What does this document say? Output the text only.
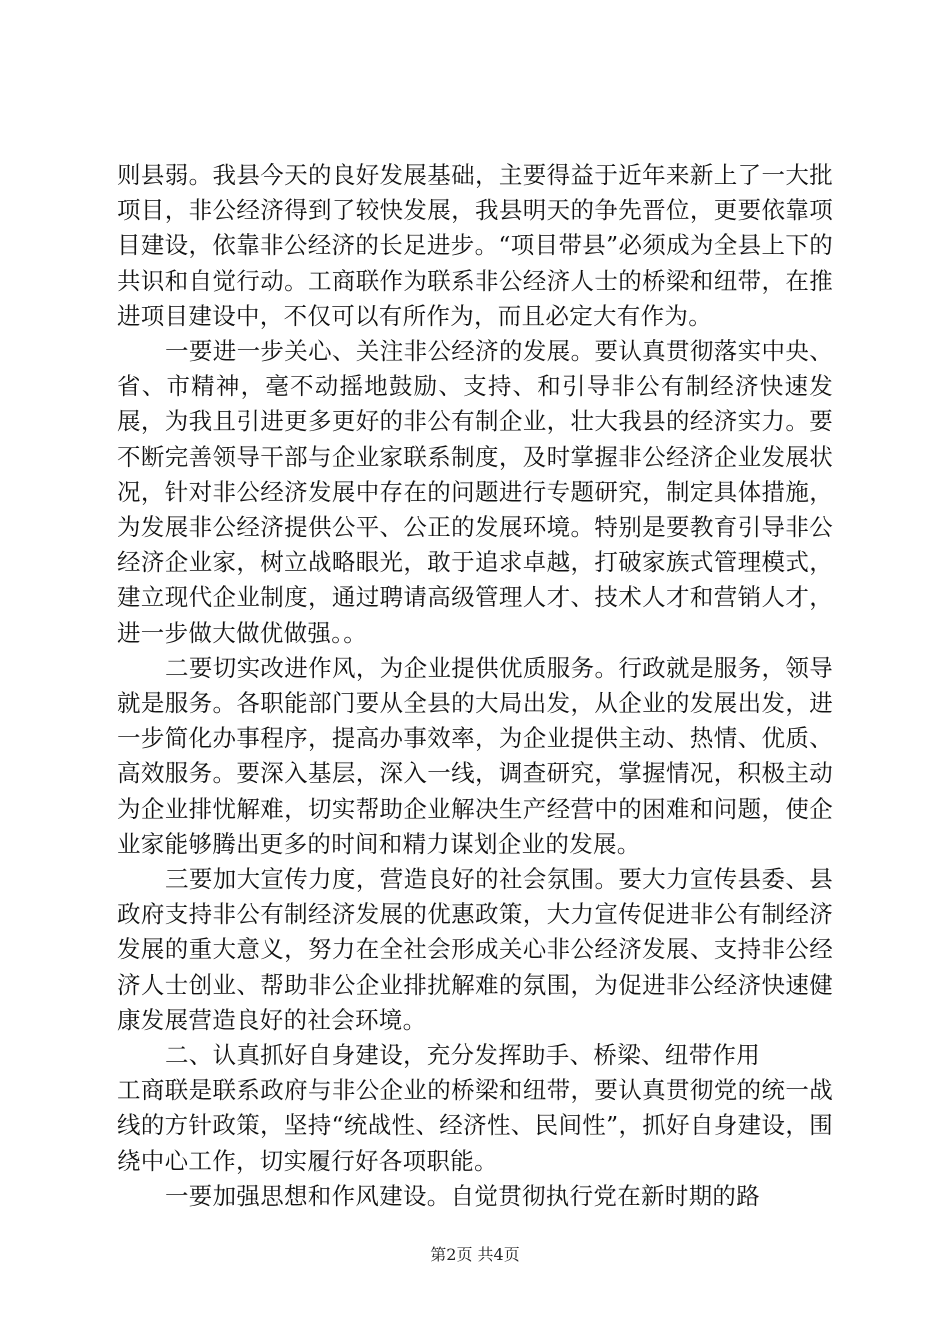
则县弱。我县今天的良好发展基础，主要得益于近年来新上了一大批项目，非公经济得到了较快发展，我县明天的争先晋位，更要依靠项目建设，依靠非公经济的长足进步。“项目带县”必须成为全县上下的共识和自觉行动。工商联作为联系非公经济人士的桥梁和纽带，在推进项目建设中，不仅可以有所作为，而且必定大有作为。

一要进一步关心、关注非公经济的发展。要认真贯彻落实中央、省、市精神，毫不动摇地鼓励、支持、和引导非公有制经济快速发展，为我且引进更多更好的非公有制企业，壮大我县的经济实力。要不断完善领导干部与企业家联系制度，及时掌握非公经济企业发展状况，针对非公经济发展中存在的问题进行专题研究，制定具体措施，为发展非公经济提供公平、公正的发展环境。特别是要教育引导非公经济企业家，树立战略眼光，敢于追求卓越，打破家族式管理模式，建立现代企业制度，通过聘请高级管理人才、技术人才和营销人才，进一步做大做优做强。。

二要切实改进作风，为企业提供优质服务。行政就是服务，领导就是服务。各职能部门要从全县的大局出发，从企业的发展出发，进一步简化办事程序，提高办事效率，为企业提供主动、热情、优质、高效服务。要深入基层，深入一线，调查研究，掌握情况，积极主动为企业排忧解难，切实帮助企业解决生产经营中的困难和问题，使企业家能够腾出更多的时间和精力谋划企业的发展。

三要加大宣传力度，营造良好的社会氛围。要大力宣传县委、县政府支持非公有制经济发展的优惠政策，大力宣传促进非公有制经济发展的重大意义，努力在全社会形成关心非公经济发展、支持非公经济人士创业、帮助非公企业排扰解难的氛围，为促进非公经济快速健康发展营造良好的社会环境。

二、认真抓好自身建设，充分发挥助手、桥梁、纽带作用

工商联是联系政府与非公企业的桥梁和纽带，要认真贯彻党的统一战线的方针政策，坚持“统战性、经济性、民间性”，抓好自身建设，围绕中心工作，切实履行好各项职能。

一要加强思想和作风建设。自觉贯彻执行党在新时期的路

第2页 共4页
